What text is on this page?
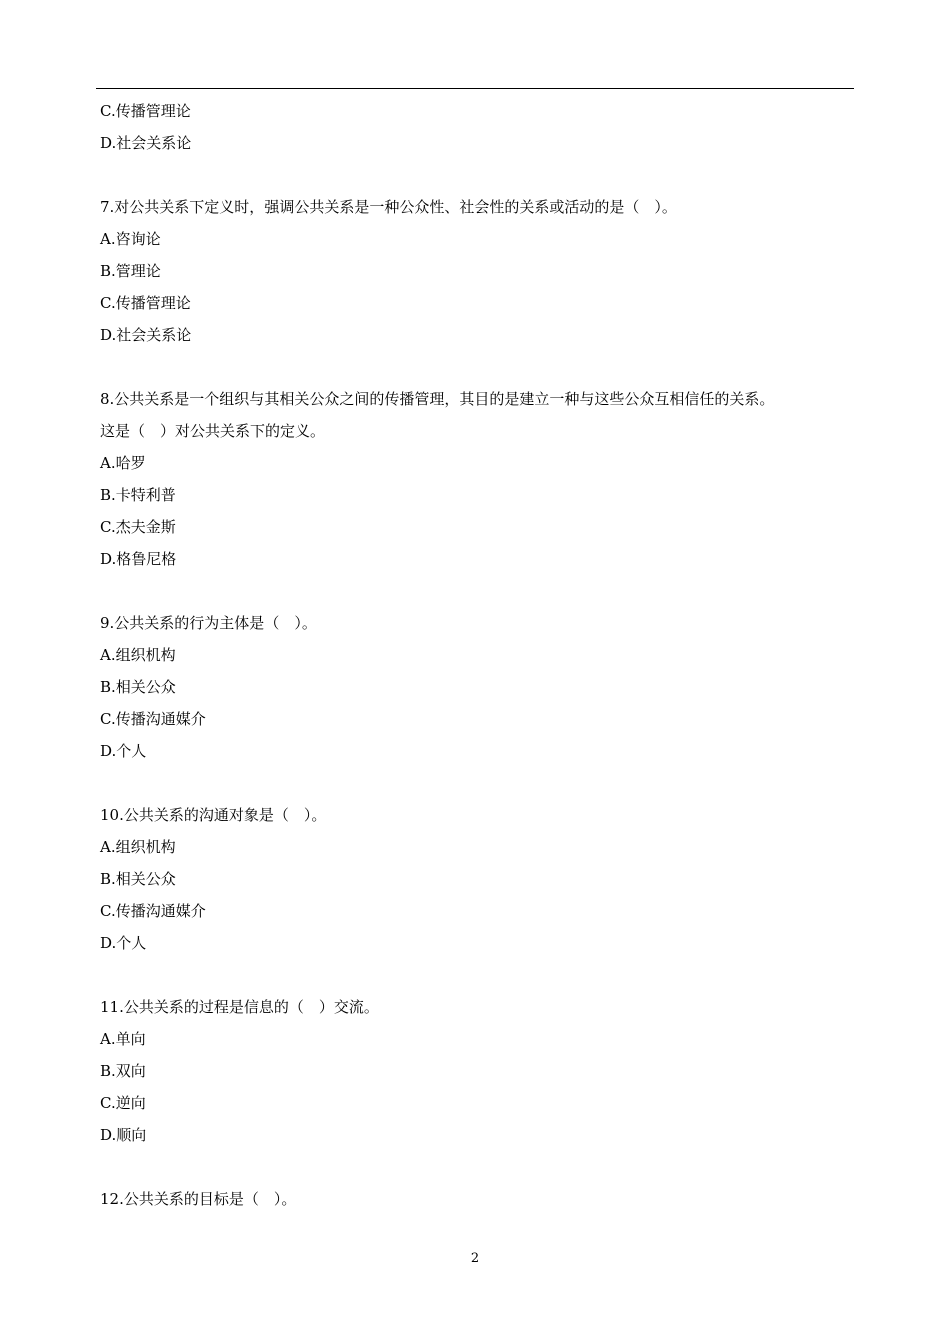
C.传播管理论
D.社会关系论
7.对公共关系下定义时，强调公共关系是一种公众性、社会性的关系或活动的是（　）。
A.咨询论
B.管理论
C.传播管理论
D.社会关系论
8.公共关系是一个组织与其相关公众之间的传播管理，其目的是建立一种与这些公众互相信任的关系。
这是（　）对公共关系下的定义。
A.哈罗
B.卡特利普
C.杰夫金斯
D.格鲁尼格
9.公共关系的行为主体是（　）。
A.组织机构
B.相关公众
C.传播沟通媒介
D.个人
10.公共关系的沟通对象是（　）。
A.组织机构
B.相关公众
C.传播沟通媒介
D.个人
11.公共关系的过程是信息的（　）交流。
A.单向
B.双向
C.逆向
D.顺向
12.公共关系的目标是（　）。
2
